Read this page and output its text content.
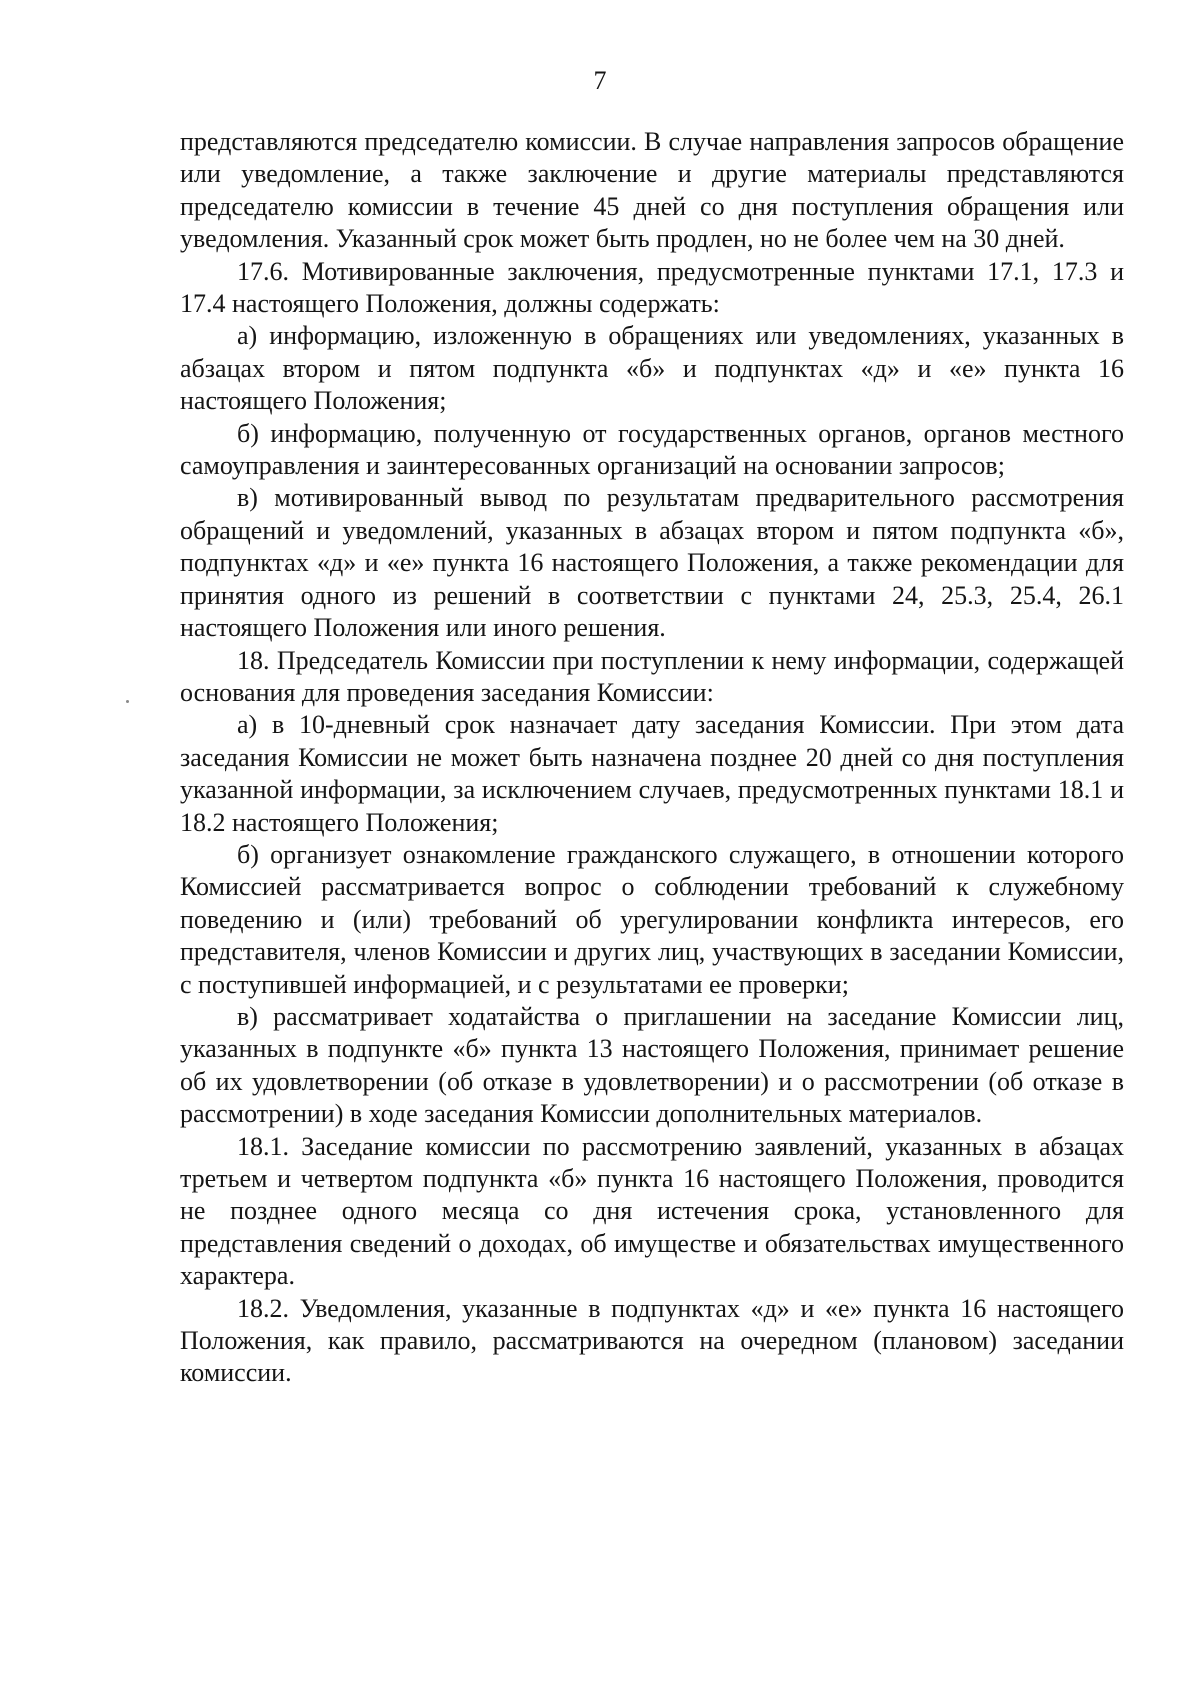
7

представляются председателю комиссии. В случае направления запросов обращение или уведомление, а также заключение и другие материалы представляются председателю комиссии в течение 45 дней со дня поступления обращения или уведомления. Указанный срок может быть продлен, но не более чем на 30 дней.

17.6. Мотивированные заключения, предусмотренные пунктами 17.1, 17.3 и 17.4 настоящего Положения, должны содержать:

а) информацию, изложенную в обращениях или уведомлениях, указанных в абзацах втором и пятом подпункта «б» и подпунктах «д» и «е» пункта 16 настоящего Положения;

б) информацию, полученную от государственных органов, органов местного самоуправления и заинтересованных организаций на основании запросов;

в) мотивированный вывод по результатам предварительного рассмотрения обращений и уведомлений, указанных в абзацах втором и пятом подпункта «б», подпунктах «д» и «е» пункта 16 настоящего Положения, а также рекомендации для принятия одного из решений в соответствии с пунктами 24, 25.3, 25.4, 26.1 настоящего Положения или иного решения.

18. Председатель Комиссии при поступлении к нему информации, содержащей основания для проведения заседания Комиссии:

а) в 10-дневный срок назначает дату заседания Комиссии. При этом дата заседания Комиссии не может быть назначена позднее 20 дней со дня поступления указанной информации, за исключением случаев, предусмотренных пунктами 18.1 и 18.2 настоящего Положения;

б) организует ознакомление гражданского служащего, в отношении которого Комиссией рассматривается вопрос о соблюдении требований к служебному поведению и (или) требований об урегулировании конфликта интересов, его представителя, членов Комиссии и других лиц, участвующих в заседании Комиссии, с поступившей информацией, и с результатами ее проверки;

в) рассматривает ходатайства о приглашении на заседание Комиссии лиц, указанных в подпункте «б» пункта 13 настоящего Положения, принимает решение об их удовлетворении (об отказе в удовлетворении) и о рассмотрении (об отказе в рассмотрении) в ходе заседания Комиссии дополнительных материалов.

18.1. Заседание комиссии по рассмотрению заявлений, указанных в абзацах третьем и четвертом подпункта «б» пункта 16 настоящего Положения, проводится не позднее одного месяца со дня истечения срока, установленного для представления сведений о доходах, об имуществе и обязательствах имущественного характера.

18.2. Уведомления, указанные в подпунктах «д» и «е» пункта 16 настоящего Положения, как правило, рассматриваются на очередном (плановом) заседании комиссии.
